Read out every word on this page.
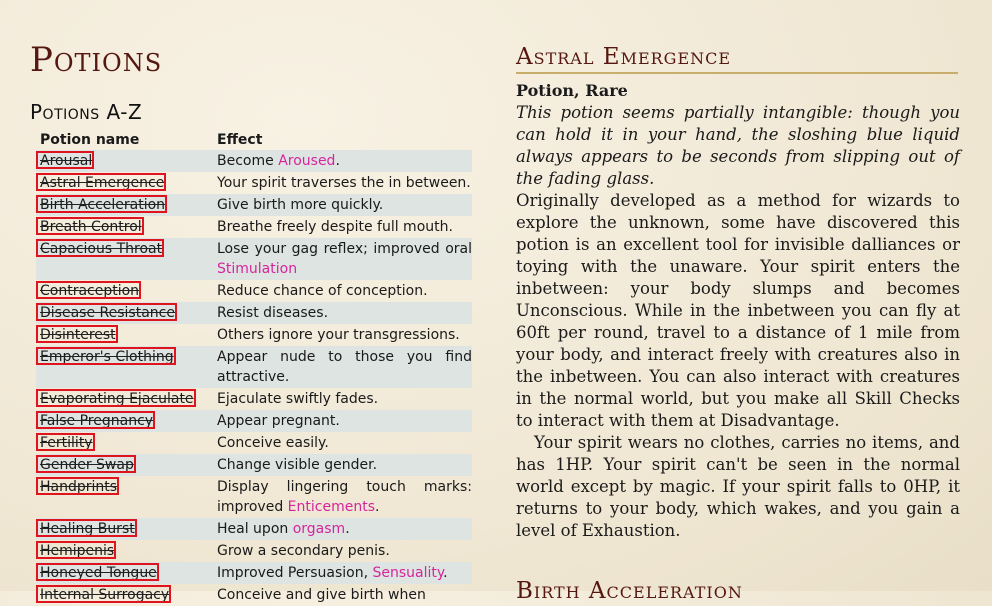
Potions
Potions A-Z
Potion name	Effect
Arousal	Become Aroused.
Astral Emergence	Your spirit traverses the in between.
Birth Acceleration	Give birth more quickly.
Breath Control	Breathe freely despite full mouth.
Capacious Throat	Lose your gag reflex; improved oral Stimulation
Contraception	Reduce chance of conception.
Disease Resistance	Resist diseases.
Disinterest	Others ignore your transgressions.
Emperor's Clothing	Appear nude to those you find attractive.
Evaporating Ejaculate	Ejaculate swiftly fades.
False Pregnancy	Appear pregnant.
Fertility	Conceive easily.
Gender Swap	Change visible gender.
Handprints	Display lingering touch marks: improved Enticements.
Healing Burst	Heal upon orgasm.
Hemipenis	Grow a secondary penis.
Honeyed Tongue	Improved Persuasion, Sensuality.
Internal Surrogacy	Conceive and give birth when
Astral Emergence
Potion, Rare

This potion seems partially intangible: though you can hold it in your hand, the sloshing blue liquid always appears to be seconds from slipping out of the fading glass.

Originally developed as a method for wizards to explore the unknown, some have discovered this potion is an excellent tool for invisible dalliances or toying with the unaware. Your spirit enters the inbetween: your body slumps and becomes Unconscious. While in the inbetween you can fly at 60ft per round, travel to a distance of 1 mile from your body, and interact freely with creatures also in the inbetween. You can also interact with creatures in the normal world, but you make all Skill Checks to interact with them at Disadvantage.

Your spirit wears no clothes, carries no items, and has 1HP. Your spirit can't be seen in the normal world except by magic. If your spirit falls to 0HP, it returns to your body, which wakes, and you gain a level of Exhaustion.

Birth Acceleration
